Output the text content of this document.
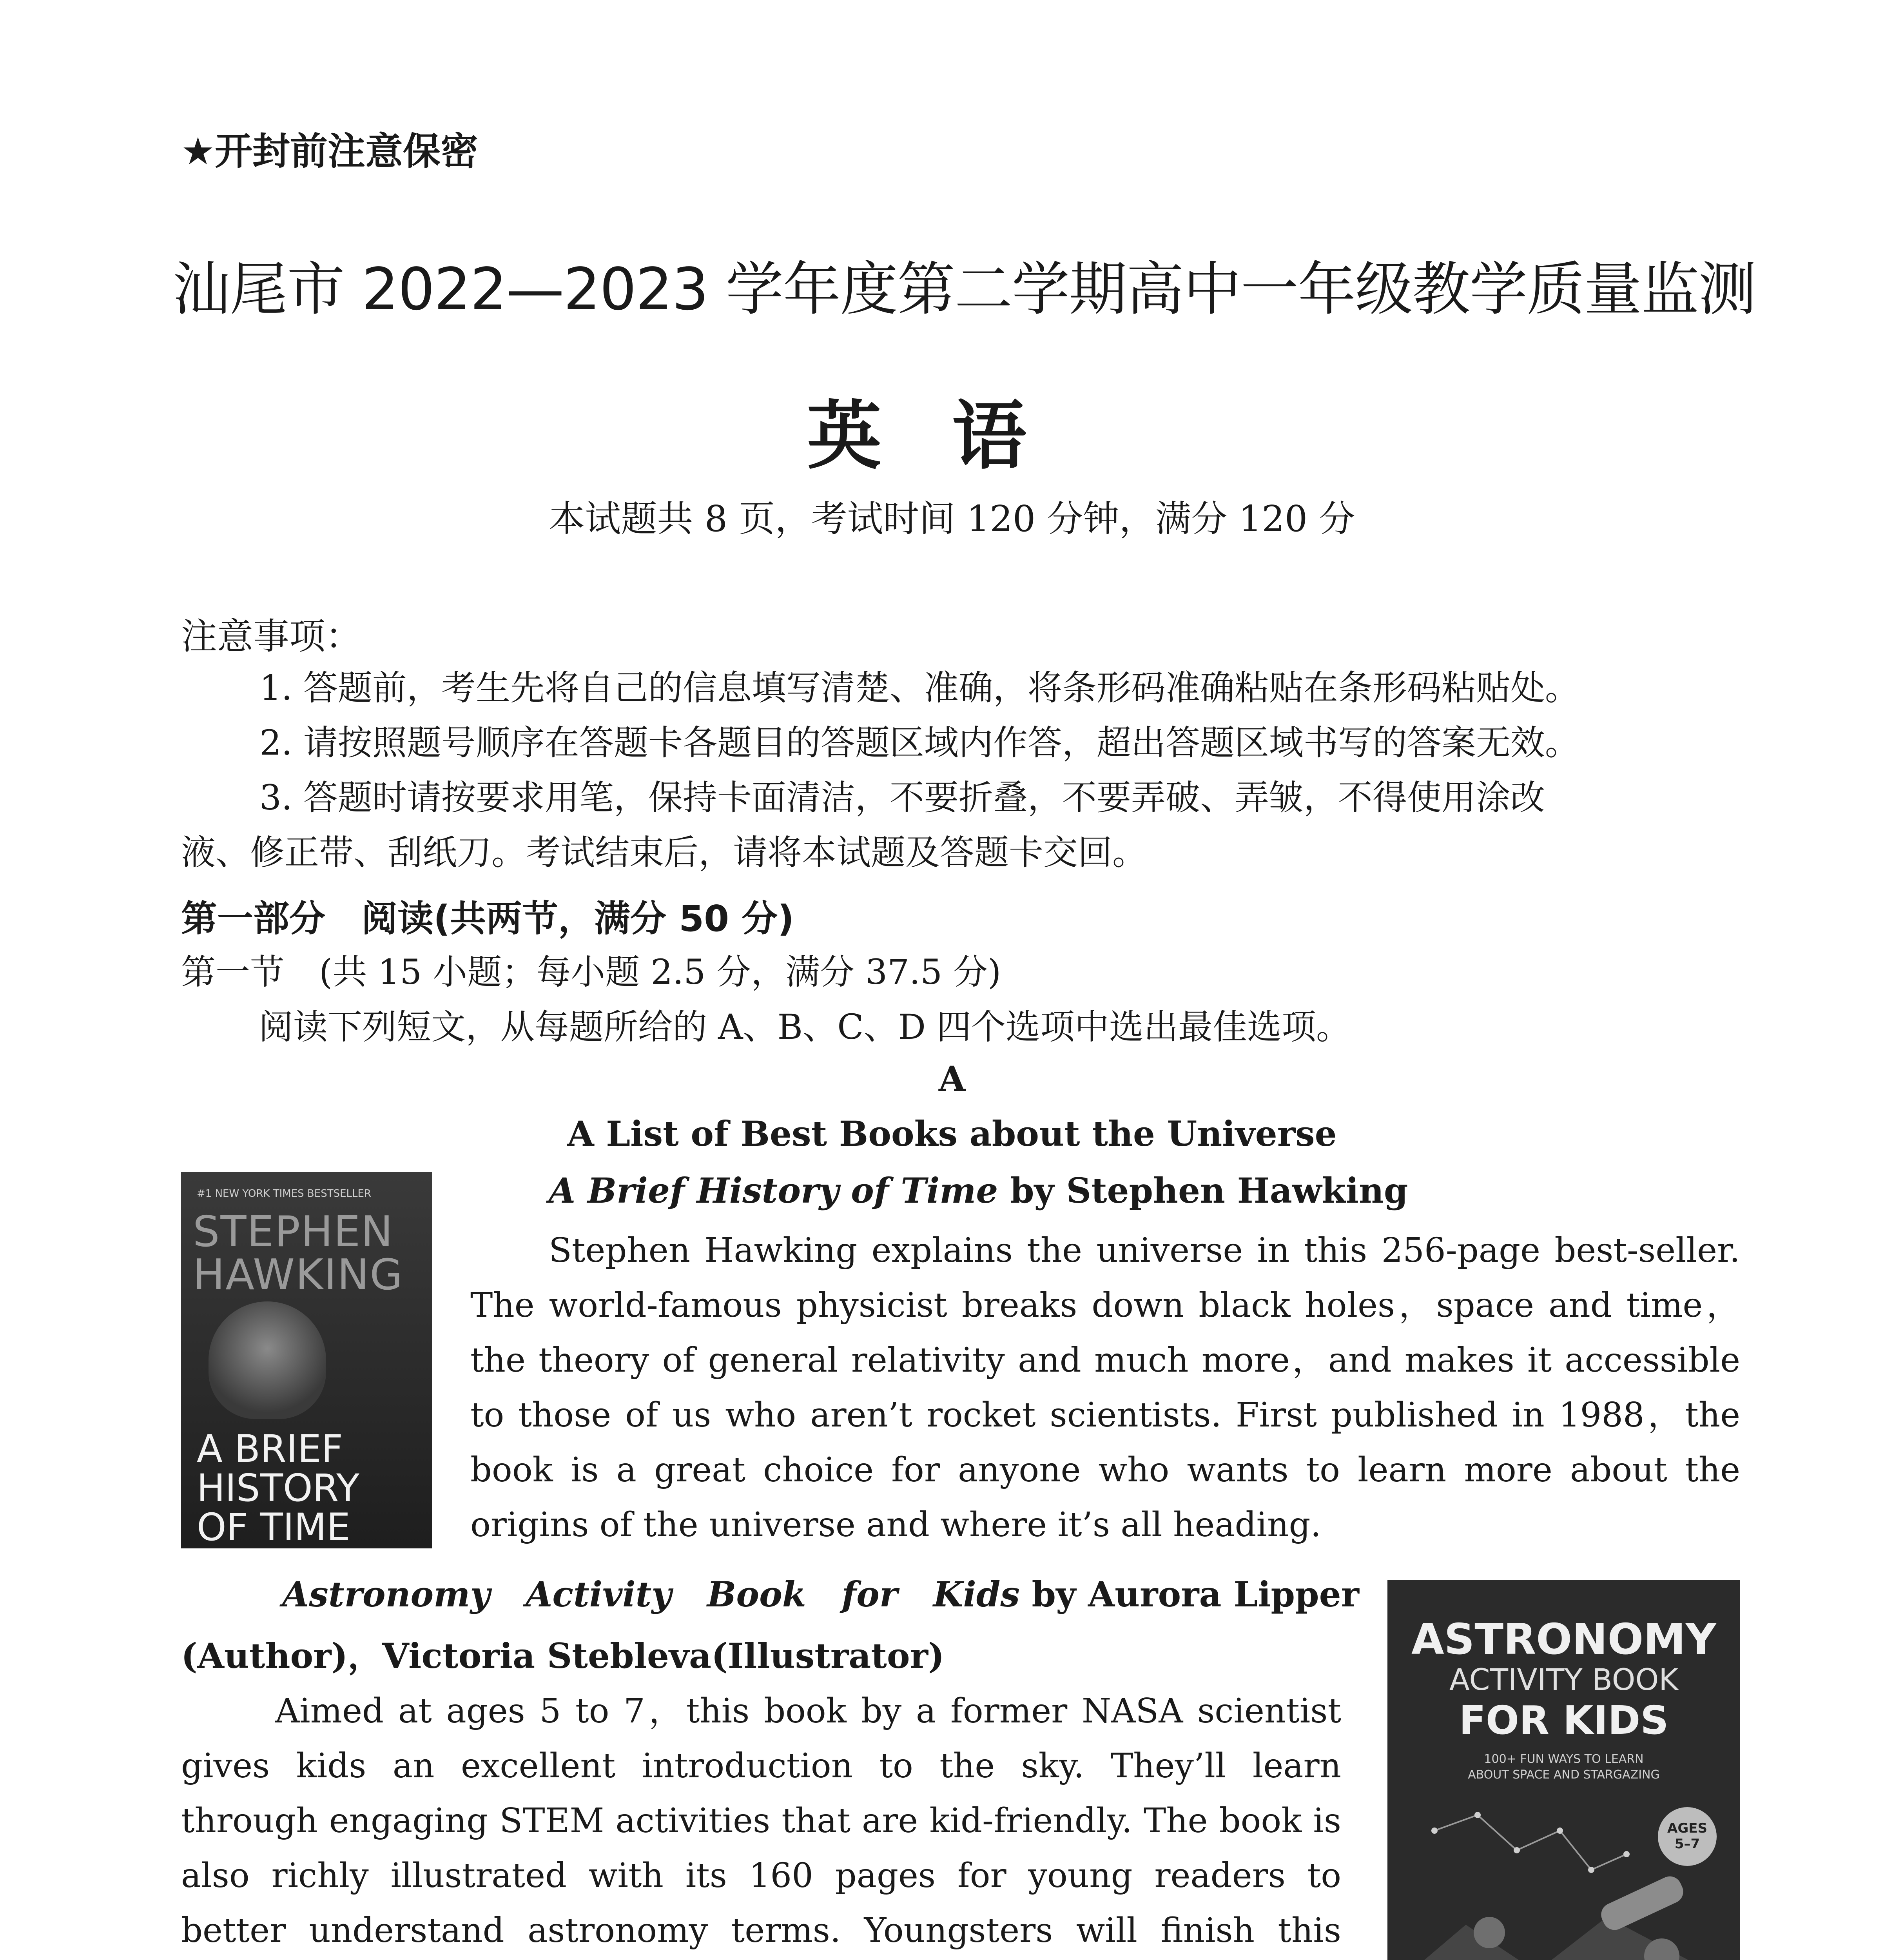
★开封前注意保密
汕尾市 2022—2023 学年度第二学期高中一年级教学质量监测
英语
本试题共 8 页，考试时间 120 分钟，满分 120 分
注意事项：
1. 答题前，考生先将自己的信息填写清楚、准确，将条形码准确粘贴在条形码粘贴处。
2. 请按照题号顺序在答题卡各题目的答题区域内作答，超出答题区域书写的答案无效。
3. 答题时请按要求用笔，保持卡面清洁，不要折叠，不要弄破、弄皱，不得使用涂改
液、修正带、刮纸刀。考试结束后，请将本试题及答题卡交回。
第一部分　阅读(共两节，满分 50 分)
第一节　(共 15 小题；每小题 2.5 分，满分 37.5 分)
阅读下列短文，从每题所给的 A、B、C、D 四个选项中选出最佳选项。
A
A List of Best Books about the Universe
#1 NEW YORK TIMES BESTSELLER
STEPHEN
HAWKING
A BRIEF
HISTORY
OF TIME
A Brief History of Time by Stephen Hawking
Stephen Hawking explains the universe in this 256-page best-seller. The world-famous physicist breaks down black holes，space and time，the theory of general relativity and much more，and makes it accessible to those of us who aren’t rocket scientists. First published in 1988，the book is a great choice for anyone who wants to learn more about the origins of the universe and where it’s all heading.
Astronomy Activity Book for Kids by Aurora Lipper
(Author)，Victoria Stebleva(Illustrator)
Aimed at ages 5 to 7，this book by a former NASA scientist gives kids an excellent introduction to the sky. They’ll learn through engaging STEM activities that are kid-friendly. The book is also richly illustrated with its 160 pages for young readers to better understand astronomy terms. Youngsters will finish this
ASTRONOMY
ACTIVITY BOOK
FOR KIDS
100+ FUN WAYS TO LEARN
ABOUT SPACE AND STARGAZING
AGES
5–7
